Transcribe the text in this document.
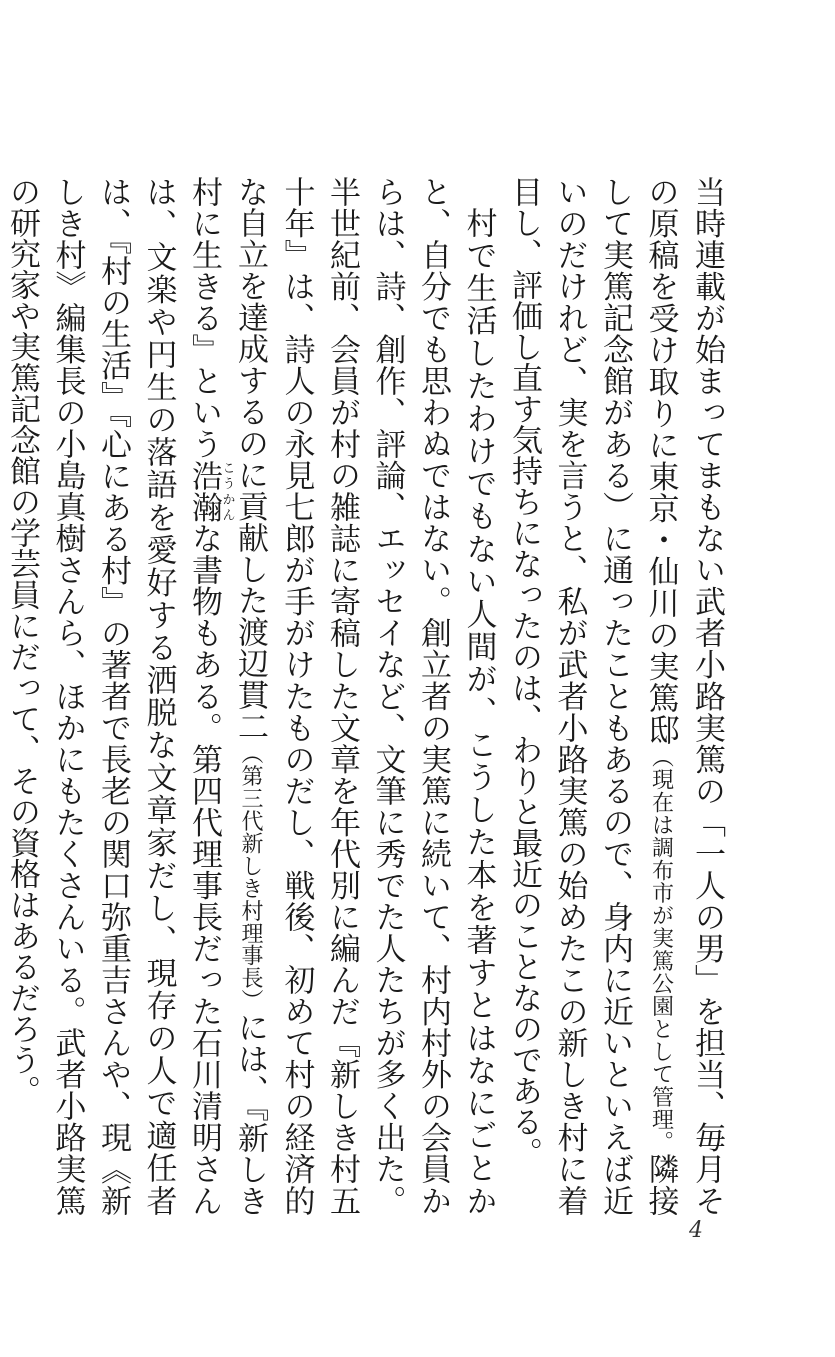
当時連載が始まってまもない武者小路実篤の「一人の男」を担当、毎月その原稿を受け取りに東京・仙川の実篤邸（現在は調布市が実篤公園として管理。隣接して実篤記念館がある）に通ったこともあるので、身内に近いといえば近いのだけれど、実を言うと、私が武者小路実篤の始めたこの新しき村に着目し、評価し直す気持ちになったのは、わりと最近のことなのである。

村で生活したわけでもない人間が、こうした本を著すとはなにごとかと、自分でも思わぬではない。創立者の実篤に続いて、村内村外の会員からは、詩、創作、評論、エッセイなど、文筆に秀でた人たちが多く出た。半世紀前、会員が村の雑誌に寄稿した文章を年代別に編んだ『新しき村五十年』は、詩人の永見七郎が手がけたものだし、戦後、初めて村の経済的な自立を達成するのに貢献した渡辺貫二（第三代新しき村理事長）には、『新しき村に生きる』という浩瀚こうかんな書物もある。第四代理事長だった石川清明さんは、文楽や円生の落語を愛好する洒脱な文章家だし、現存の人で適任者は、『村の生活』『心にある村』の著者で長老の関口弥重吉さんや、現《新しき村》編集長の小島真樹さんら、ほかにもたくさんいる。武者小路実篤の研究家や実篤記念館の学芸員にだって、その資格はあるだろう。

4
